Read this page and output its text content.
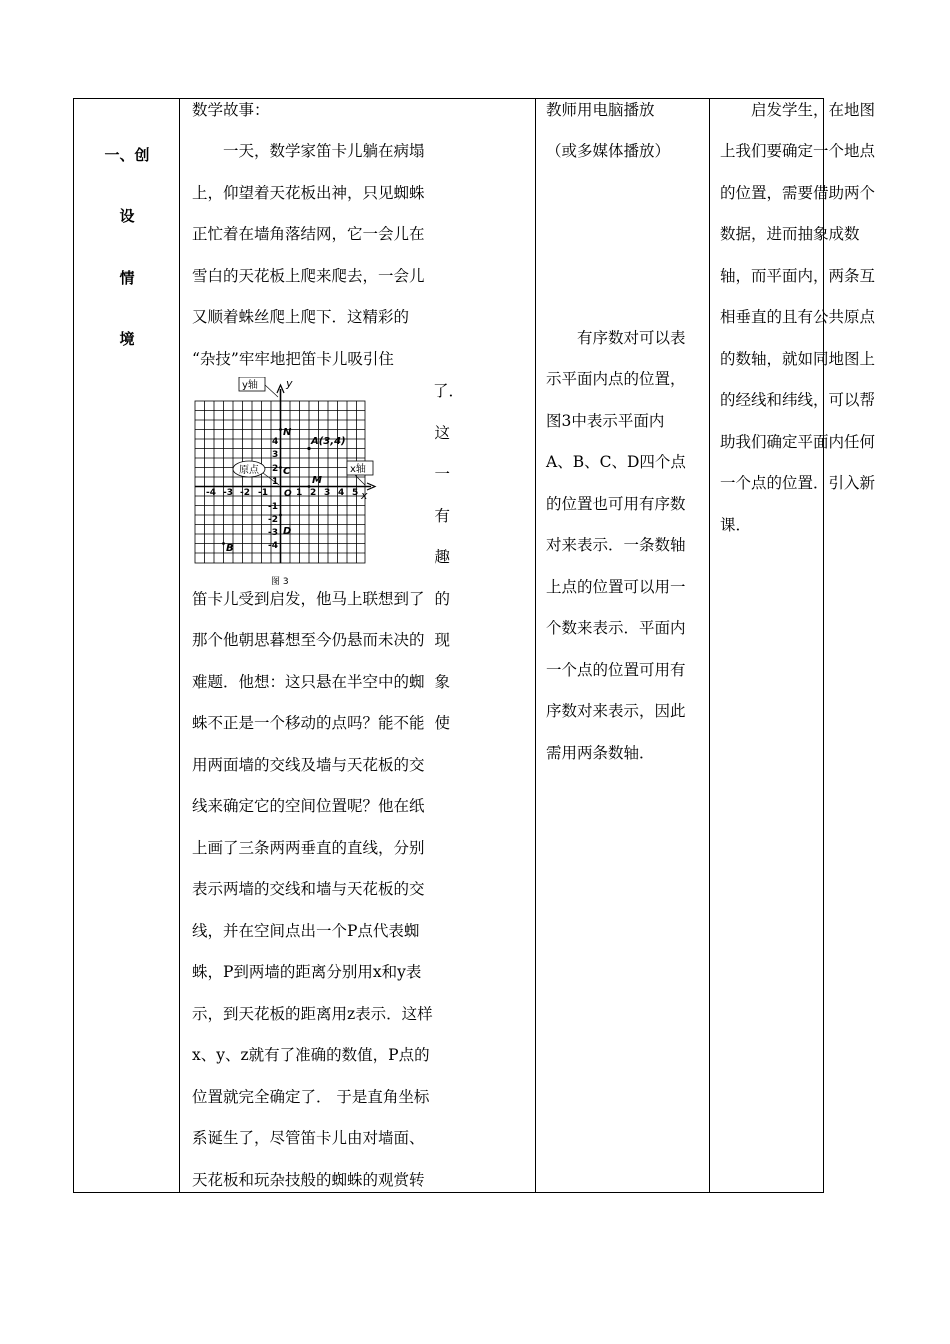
一、创
设
情
境

数学故事：

一天，数学家笛卡儿躺在病塌

上，仰望着天花板出神，只见蜘蛛

正忙着在墙角落结网，它一会儿在

雪白的天花板上爬来爬去，一会儿

又顺着蛛丝爬上爬下．这精彩的

“杂技”牢牢地把笛卡儿吸引住

y轴	y
原点	x轴
x
-4 -3 -2 -1	1 2 3 4 5
4
3
2
1
-1
-2
-3
-4
O
A(3,4)
N
C
M
D
B
图 3
了．
这一
有趣
的现
象使

笛卡儿受到启发，他马上联想到了

那个他朝思暮想至今仍悬而未决的

难题．他想：这只悬在半空中的蜘

蛛不正是一个移动的点吗？能不能

用两面墙的交线及墙与天花板的交

线来确定它的空间位置呢？他在纸

上画了三条两两垂直的直线，分别

表示两墙的交线和墙与天花板的交

线，并在空间点出一个P点代表蜘

蛛，P到两墙的距离分别用x和y表

示，到天花板的距离用z表示．这样

x、y、z就有了准确的数值，P点的

位置就完全确定了． 于是直角坐标

系诞生了，尽管笛卡儿由对墙面、

天花板和玩杂技般的蜘蛛的观赏转

教师用电脑播放

（或多媒体播放）

有序数对可以表

示平面内点的位置，

图3中表示平面内

A、B、C、D四个点

的位置也可用有序数

对来表示．一条数轴

上点的位置可以用一

个数来表示．平面内

一个点的位置可用有

序数对来表示，因此

需用两条数轴．

启发学生，在地图

上我们要确定一个地点

的位置，需要借助两个

数据，进而抽象成数

轴，而平面内，两条互

相垂直的且有公共原点

的数轴，就如同地图上

的经线和纬线，可以帮

助我们确定平面内任何

一个点的位置．引入新

课．
